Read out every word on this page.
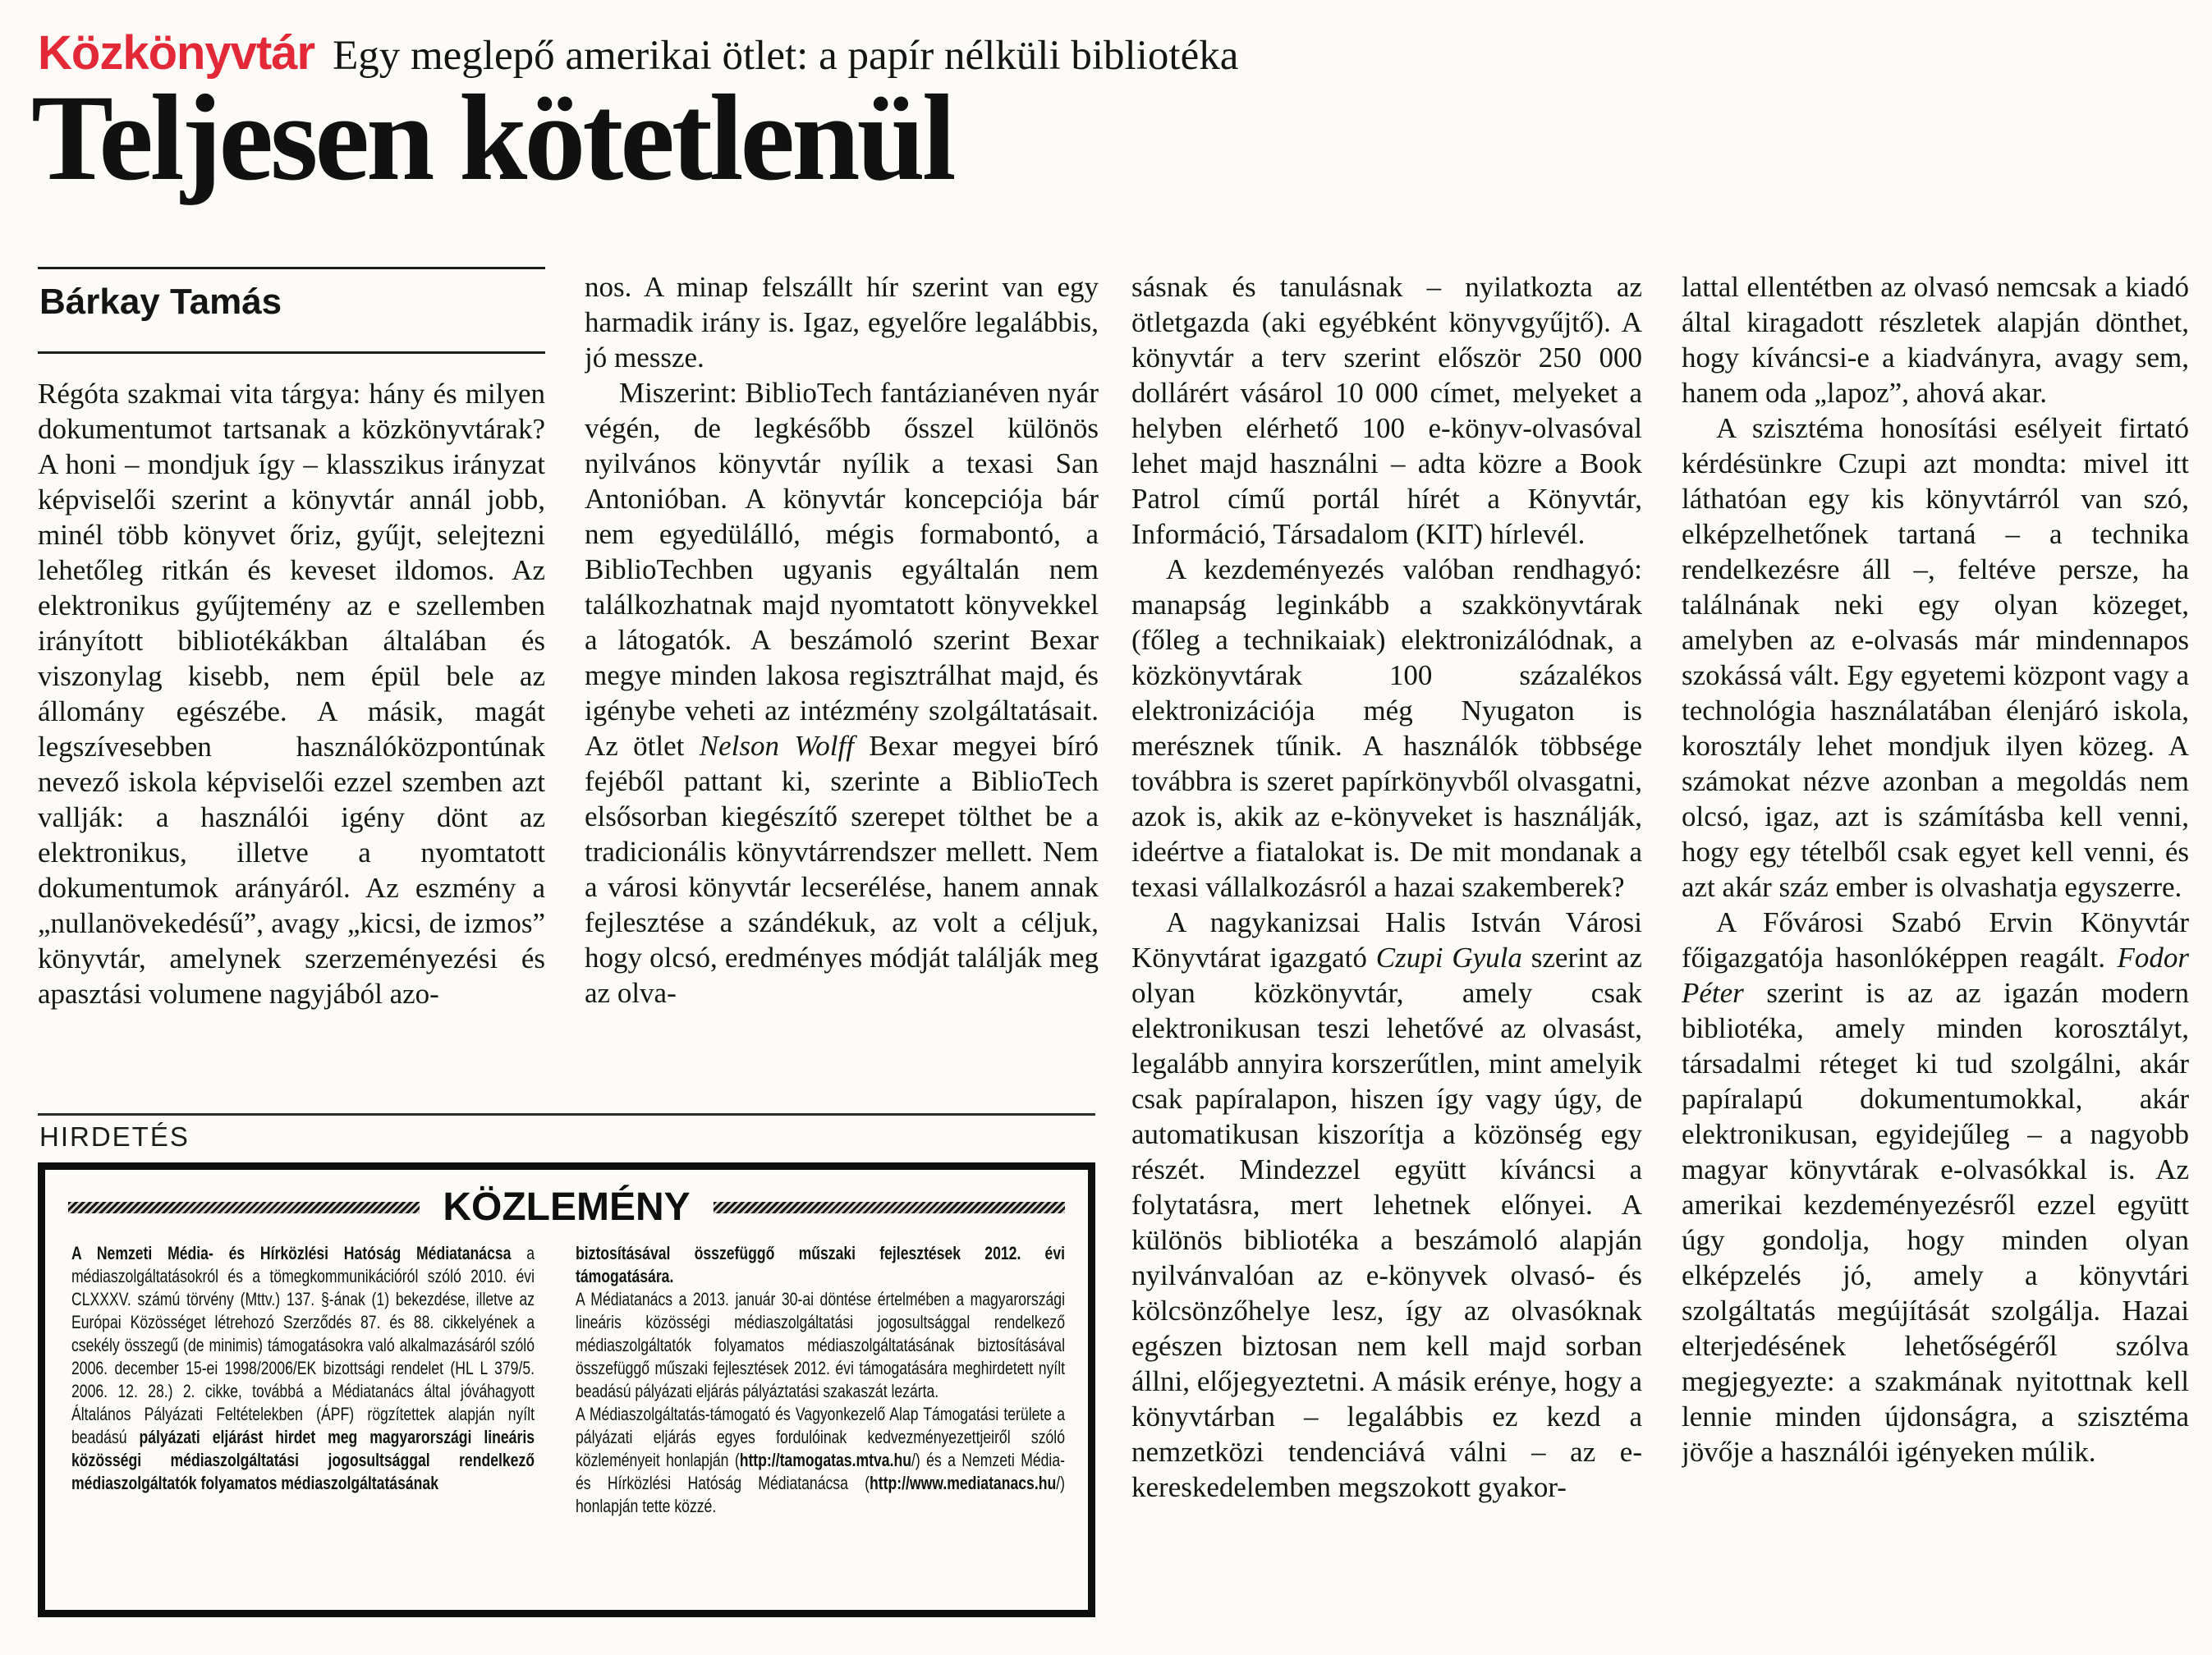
Közkönyvtár Egy meglepő amerikai ötlet: a papír nélküli bibliotéka
Teljesen kötetlenül
Bárkay Tamás

Régóta szakmai vita tárgya: hány és milyen dokumentumot tartsanak a közkönyvtárak? A honi – mondjuk így – klasszikus irányzat képviselői szerint a könyvtár annál jobb, minél több könyvet őriz, gyűjt, selejtezni lehetőleg ritkán és keveset ildomos. Az elektronikus gyűjtemény az e szellemben irányított bibliotékákban általában és viszonylag kisebb, nem épül bele az állomány egészébe. A másik, magát legszívesebben használóközpontúnak nevező iskola képviselői ezzel szemben azt vallják: a használói igény dönt az elektronikus, illetve a nyomtatott dokumentumok arányáról. Az eszmény a „nullanövekedésű”, avagy „kicsi, de izmos” könyvtár, amelynek szerzeményezési és apasztási volumene nagyjából azo-

nos. A minap felszállt hír szerint van egy harmadik irány is. Igaz, egyelőre legalábbis, jó messze.

Miszerint: BiblioTech fantázianéven nyár végén, de legkésőbb ősszel különös nyilvános könyvtár nyílik a texasi San Antonióban. A könyvtár koncepciója bár nem egyedülálló, mégis formabontó, a BiblioTechben ugyanis egyáltalán nem találkozhatnak majd nyomtatott könyvekkel a látogatók. A beszámoló szerint Bexar megye minden lakosa regisztrálhat majd, és igénybe veheti az intézmény szolgáltatásait. Az ötlet Nelson Wolff Bexar megyei bíró fejéből pattant ki, szerinte a BiblioTech elsősorban kiegészítő szerepet tölthet be a tradicionális könyvtárrendszer mellett. Nem a városi könyvtár lecserélése, hanem annak fejlesztése a szándékuk, az volt a céljuk, hogy olcsó, eredményes módját találják meg az olva-

sásnak és tanulásnak – nyilatkozta az ötletgazda (aki egyébként könyvgyűjtő). A könyvtár a terv szerint először 250 000 dollárért vásárol 10 000 címet, melyeket a helyben elérhető 100 e-könyv-olvasóval lehet majd használni – adta közre a Book Patrol című portál hírét a Könyvtár, Információ, Társadalom (KIT) hírlevél.

A kezdeményezés valóban rendhagyó: manapság leginkább a szakkönyvtárak (főleg a technikaiak) elektronizálódnak, a közkönyvtárak 100 százalékos elektronizációja még Nyugaton is merésznek tűnik. A használók többsége továbbra is szeret papírkönyvből olvasgatni, azok is, akik az e-könyveket is használják, ideértve a fiatalokat is. De mit mondanak a texasi vállalkozásról a hazai szakemberek?

A nagykanizsai Halis István Városi Könyvtárat igazgató Czupi Gyula szerint az olyan közkönyvtár, amely csak elektronikusan teszi lehetővé az olvasást, legalább annyira korszerűtlen, mint amelyik csak papíralapon, hiszen így vagy úgy, de automatikusan kiszorítja a közönség egy részét. Mindezzel együtt kíváncsi a folytatásra, mert lehetnek előnyei. A különös bibliotéka a beszámoló alapján nyilvánvalóan az e-könyvek olvasó- és kölcsönzőhelye lesz, így az olvasóknak egészen biztosan nem kell majd sorban állni, előjegyeztetni. A másik erénye, hogy a könyvtárban – legalábbis ez kezd a nemzetközi tendenciává válni – az e-kereskedelemben megszokott gyakor-

lattal ellentétben az olvasó nemcsak a kiadó által kiragadott részletek alapján dönthet, hogy kíváncsi-e a kiadványra, avagy sem, hanem oda „lapoz”, ahová akar.

A szisztéma honosítási esélyeit firtató kérdésünkre Czupi azt mondta: mivel itt láthatóan egy kis könyvtárról van szó, elképzelhetőnek tartaná – a technika rendelkezésre áll –, feltéve persze, ha találnának neki egy olyan közeget, amelyben az e-olvasás már mindennapos szokássá vált. Egy egyetemi központ vagy a technológia használatában élenjáró iskola, korosztály lehet mondjuk ilyen közeg. A számokat nézve azonban a megoldás nem olcsó, igaz, azt is számításba kell venni, hogy egy tételből csak egyet kell venni, és azt akár száz ember is olvashatja egyszerre.

A Fővárosi Szabó Ervin Könyvtár főigazgatója hasonlóképpen reagált. Fodor Péter szerint is az az igazán modern bibliotéka, amely minden korosztályt, társadalmi réteget ki tud szolgálni, akár papíralapú dokumentumokkal, akár elektronikusan, egyidejűleg – a nagyobb magyar könyvtárak e-olvasókkal is. Az amerikai kezdeményezésről ezzel együtt úgy gondolja, hogy minden olyan elképzelés jó, amely a könyvtári szolgáltatás megújítását szolgálja. Hazai elterjedésének lehetőségéről szólva megjegyezte: a szakmának nyitottnak kell lennie minden újdonságra, a szisztéma jövője a használói igényeken múlik.

HIRDETÉS
KÖZLEMÉNY

A Nemzeti Média- és Hírközlési Hatóság Médiatanácsa a médiaszolgáltatásokról és a tömegkommunikációról szóló 2010. évi CLXXXV. számú törvény (Mttv.) 137. §-ának (1) bekezdése, illetve az Európai Közösséget létrehozó Szerződés 87. és 88. cikkelyének a csekély összegű (de minimis) támogatásokra való alkalmazásáról szóló 2006. december 15-ei 1998/2006/EK bizottsági rendelet (HL L 379/5. 2006. 12. 28.) 2. cikke, továbbá a Médiatanács által jóváhagyott Általános Pályázati Feltételekben (ÁPF) rögzítettek alapján nyílt beadású pályázati eljárást hirdet meg magyarországi lineáris közösségi médiaszolgáltatási jogosultsággal rendelkező médiaszolgáltatók folyamatos médiaszolgáltatásának

biztosításával összefüggő műszaki fejlesztések 2012. évi támogatására.

A Médiatanács a 2013. január 30-ai döntése értelmében a magyarországi lineáris közösségi médiaszolgáltatási jogosultsággal rendelkező médiaszolgáltatók folyamatos médiaszolgáltatásának biztosításával összefüggő műszaki fejlesztések 2012. évi támogatására meghirdetett nyílt beadású pályázati eljárás pályáztatási szakaszát lezárta.

A Médiaszolgáltatás-támogató és Vagyonkezelő Alap Támogatási területe a pályázati eljárás egyes fordulóinak kedvezményezettjeiről szóló közleményeit honlapján (http://tamogatas.mtva.hu/) és a Nemzeti Média- és Hírközlési Hatóság Médiatanácsa (http://www.mediatanacs.hu/) honlapján tette közzé.
